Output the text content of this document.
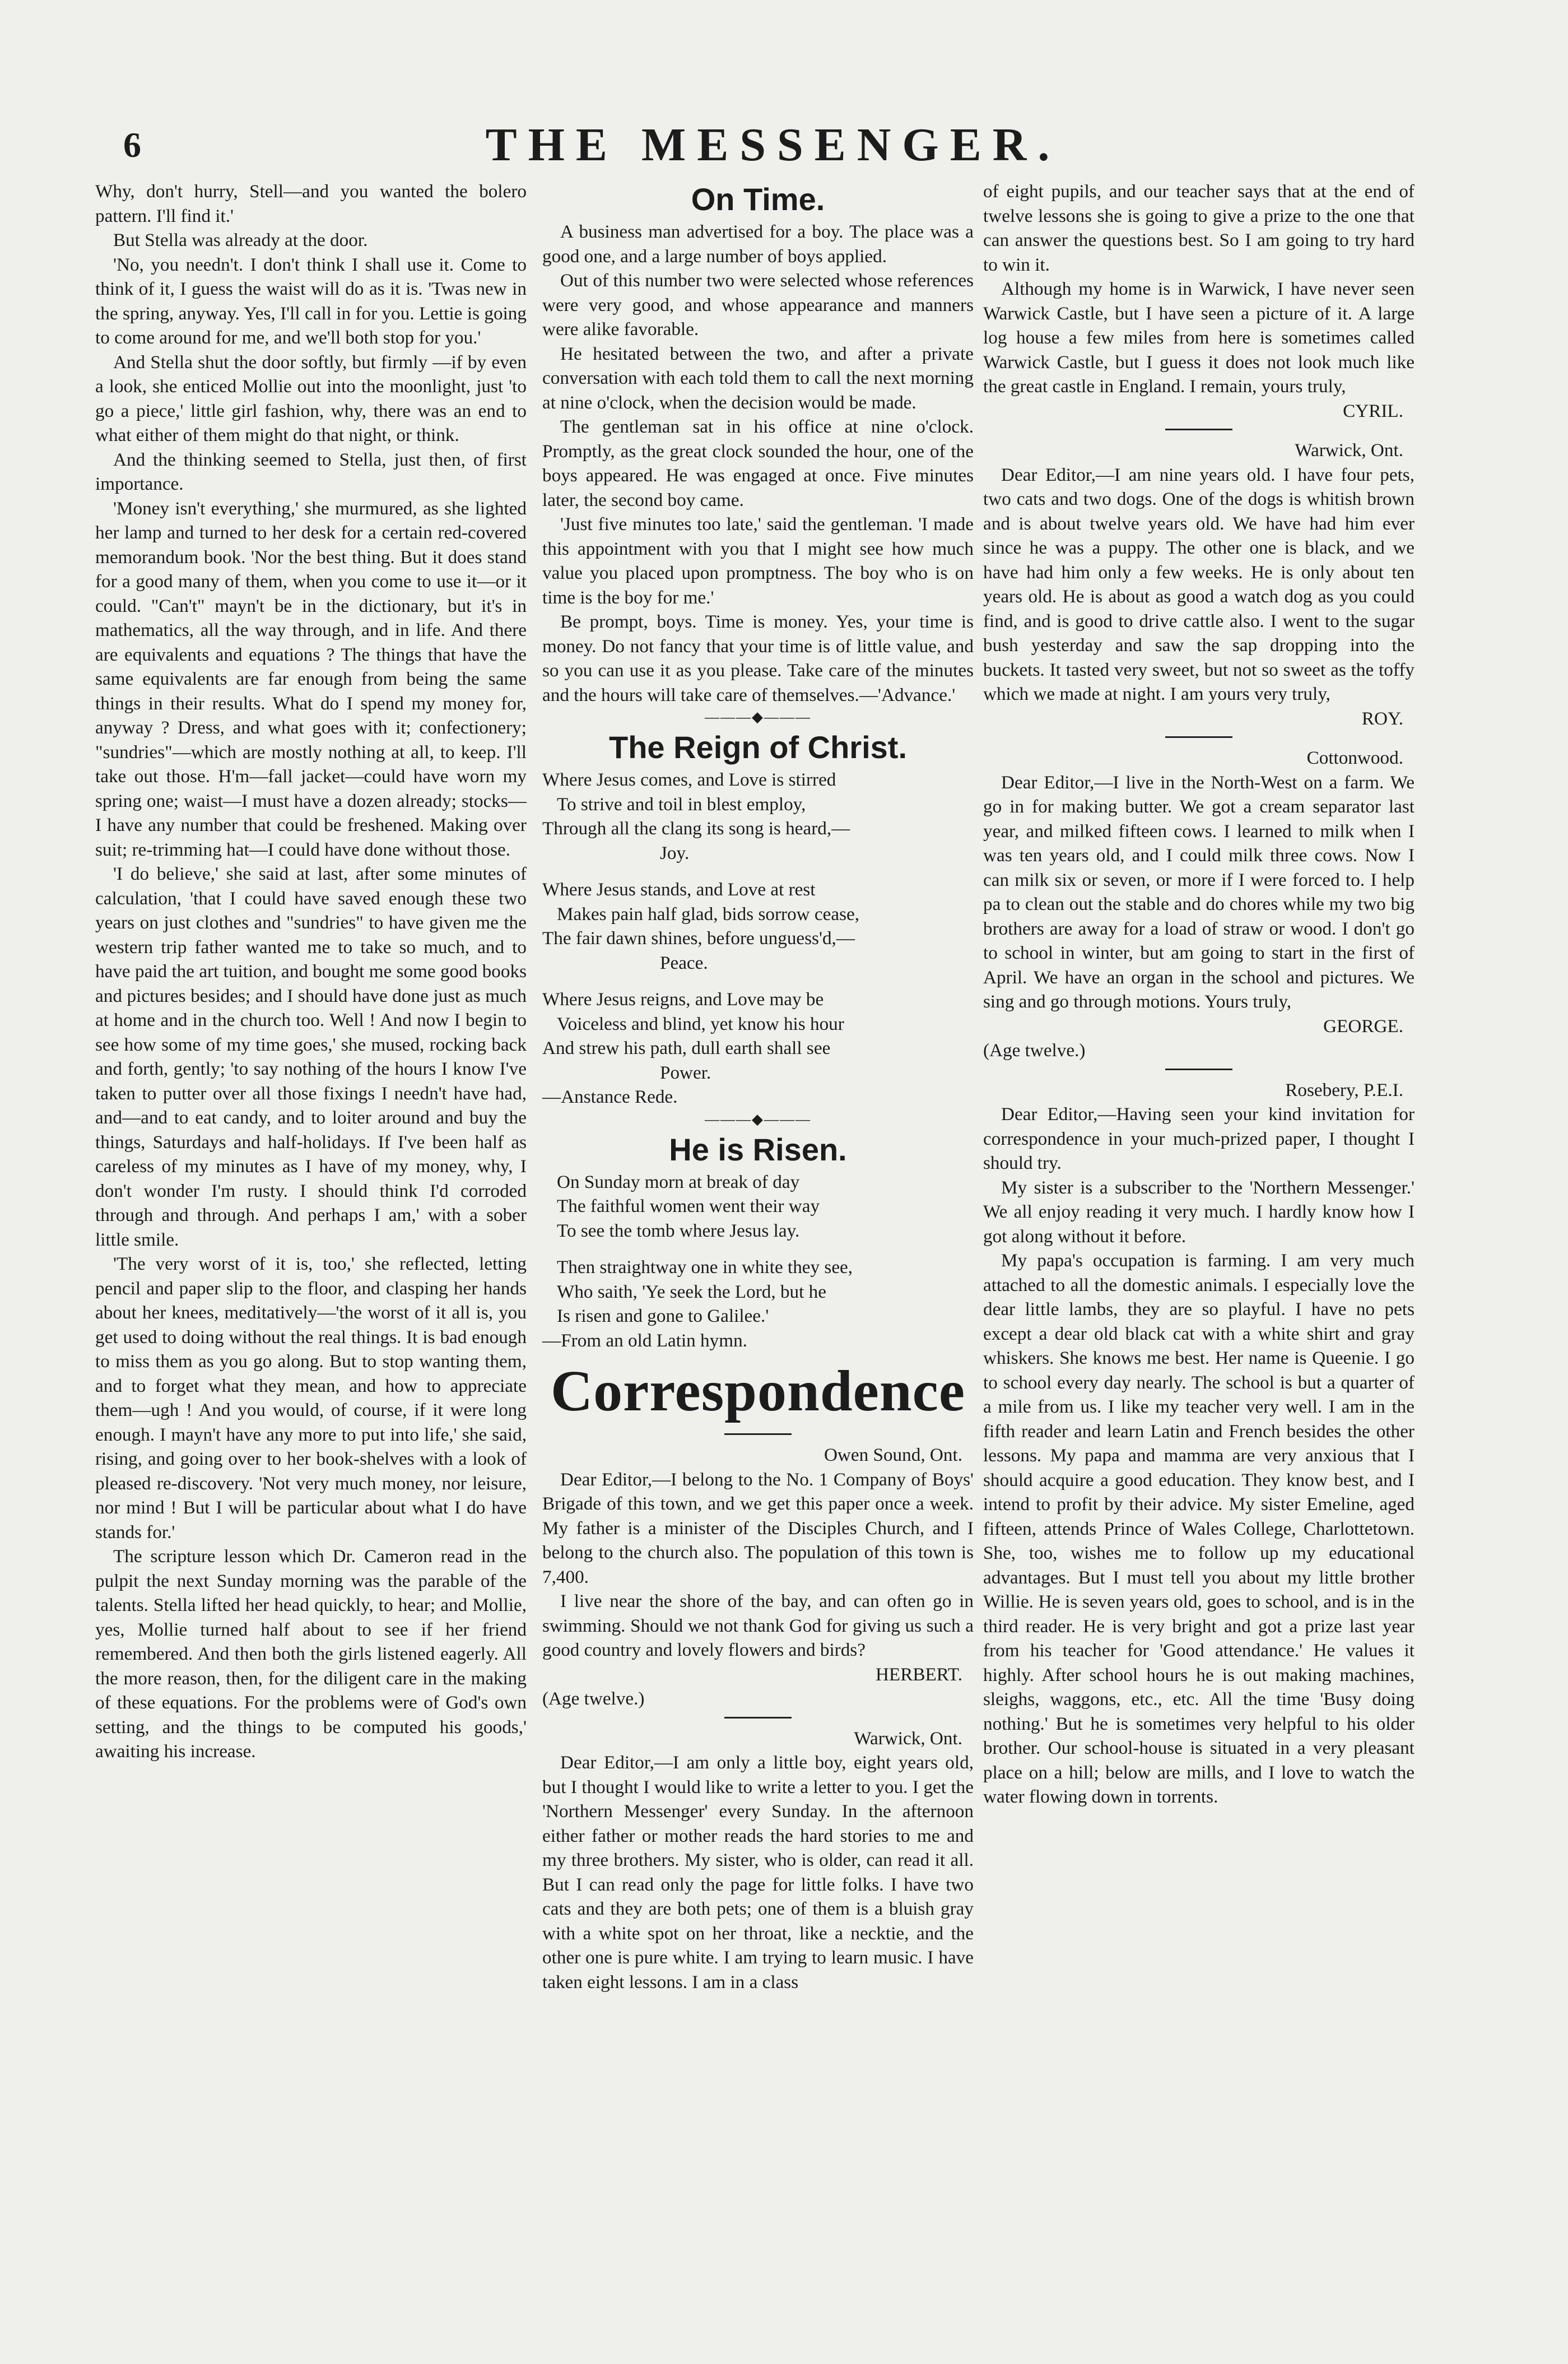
6	THE MESSENGER.

Why, don't hurry, Stell—and you wanted the bolero pattern. I'll find it.'

But Stella was already at the door.

'No, you needn't. I don't think I shall use it. Come to think of it, I guess the waist will do as it is. 'Twas new in the spring, anyway. Yes, I'll call in for you. Lettie is going to come around for me, and we'll both stop for you.'

And Stella shut the door softly, but firmly —if by even a look, she enticed Mollie out into the moonlight, just 'to go a piece,' little girl fashion, why, there was an end to what either of them might do that night, or think.

And the thinking seemed to Stella, just then, of first importance.

'Money isn't everything,' she murmured, as she lighted her lamp and turned to her desk for a certain red-covered memorandum book. 'Nor the best thing. But it does stand for a good many of them, when you come to use it—or it could. "Can't" mayn't be in the dictionary, but it's in mathematics, all the way through, and in life. And there are equivalents and equations ? The things that have the same equivalents are far enough from being the same things in their results. What do I spend my money for, anyway ? Dress, and what goes with it; confectionery; "sundries"—which are mostly nothing at all, to keep. I'll take out those. H'm—fall jacket—could have worn my spring one; waist—I must have a dozen already; stocks—I have any number that could be freshened. Making over suit; re-trimming hat—I could have done without those.

'I do believe,' she said at last, after some minutes of calculation, 'that I could have saved enough these two years on just clothes and "sundries" to have given me the western trip father wanted me to take so much, and to have paid the art tuition, and bought me some good books and pictures besides; and I should have done just as much at home and in the church too. Well ! And now I begin to see how some of my time goes,' she mused, rocking back and forth, gently; 'to say nothing of the hours I know I've taken to putter over all those fixings I needn't have had, and—and to eat candy, and to loiter around and buy the things, Saturdays and half-holidays. If I've been half as careless of my minutes as I have of my money, why, I don't wonder I'm rusty. I should think I'd corroded through and through. And perhaps I am,' with a sober little smile.

'The very worst of it is, too,' she reflected, letting pencil and paper slip to the floor, and clasping her hands about her knees, meditatively—'the worst of it all is, you get used to doing without the real things. It is bad enough to miss them as you go along. But to stop wanting them, and to forget what they mean, and how to appreciate them—ugh ! And you would, of course, if it were long enough. I mayn't have any more to put into life,' she said, rising, and going over to her book-shelves with a look of pleased re-discovery. 'Not very much money, nor leisure, nor mind ! But I will be particular about what I do have stands for.'

The scripture lesson which Dr. Cameron read in the pulpit the next Sunday morning was the parable of the talents. Stella lifted her head quickly, to hear; and Mollie, yes, Mollie turned half about to see if her friend remembered. And then both the girls listened eagerly. All the more reason, then, for the diligent care in the making of these equations. For the problems were of God's own setting, and the things to be computed his goods,' awaiting his increase.

On Time.

A business man advertised for a boy. The place was a good one, and a large number of boys applied.

Out of this number two were selected whose references were very good, and whose appearance and manners were alike favorable.

He hesitated between the two, and after a private conversation with each told them to call the next morning at nine o'clock, when the decision would be made.

The gentleman sat in his office at nine o'clock. Promptly, as the great clock sounded the hour, one of the boys appeared. He was engaged at once. Five minutes later, the second boy came.

'Just five minutes too late,' said the gentleman. 'I made this appointment with you that I might see how much value you placed upon promptness. The boy who is on time is the boy for me.'

Be prompt, boys. Time is money. Yes, your time is money. Do not fancy that your time is of little value, and so you can use it as you please. Take care of the minutes and the hours will take care of themselves.—'Advance.'

———◆———
The Reign of Christ.

Where Jesus comes, and Love is stirred

To strive and toil in blest employ,

Through all the clang its song is heard,—

Joy.

Where Jesus stands, and Love at rest

Makes pain half glad, bids sorrow cease,

The fair dawn shines, before unguess'd,—

Peace.

Where Jesus reigns, and Love may be

Voiceless and blind, yet know his hour

And strew his path, dull earth shall see

Power.

—Anstance Rede.

———◆———
He is Risen.

On Sunday morn at break of day

The faithful women went their way

To see the tomb where Jesus lay.

Then straightway one in white they see,

Who saith, 'Ye seek the Lord, but he

Is risen and gone to Galilee.'

—From an old Latin hymn.

Correspondence

Owen Sound, Ont.

Dear Editor,—I belong to the No. 1 Company of Boys' Brigade of this town, and we get this paper once a week. My father is a minister of the Disciples Church, and I belong to the church also. The population of this town is 7,400.

I live near the shore of the bay, and can often go in swimming. Should we not thank God for giving us such a good country and lovely flowers and birds?

HERBERT.

(Age twelve.)

Warwick, Ont.

Dear Editor,—I am only a little boy, eight years old, but I thought I would like to write a letter to you. I get the 'Northern Messenger' every Sunday. In the afternoon either father or mother reads the hard stories to me and my three brothers. My sister, who is older, can read it all. But I can read only the page for little folks. I have two cats and they are both pets; one of them is a bluish gray with a white spot on her throat, like a necktie, and the other one is pure white. I am trying to learn music. I have taken eight lessons. I am in a class

of eight pupils, and our teacher says that at the end of twelve lessons she is going to give a prize to the one that can answer the questions best. So I am going to try hard to win it.

Although my home is in Warwick, I have never seen Warwick Castle, but I have seen a picture of it. A large log house a few miles from here is sometimes called Warwick Castle, but I guess it does not look much like the great castle in England. I remain, yours truly,

CYRIL.

Warwick, Ont.

Dear Editor,—I am nine years old. I have four pets, two cats and two dogs. One of the dogs is whitish brown and is about twelve years old. We have had him ever since he was a puppy. The other one is black, and we have had him only a few weeks. He is only about ten years old. He is about as good a watch dog as you could find, and is good to drive cattle also. I went to the sugar bush yesterday and saw the sap dropping into the buckets. It tasted very sweet, but not so sweet as the toffy which we made at night. I am yours very truly,

ROY.

Cottonwood.

Dear Editor,—I live in the North-West on a farm. We go in for making butter. We got a cream separator last year, and milked fifteen cows. I learned to milk when I was ten years old, and I could milk three cows. Now I can milk six or seven, or more if I were forced to. I help pa to clean out the stable and do chores while my two big brothers are away for a load of straw or wood. I don't go to school in winter, but am going to start in the first of April. We have an organ in the school and pictures. We sing and go through motions. Yours truly,

GEORGE.

(Age twelve.)

Rosebery, P.E.I.

Dear Editor,—Having seen your kind invitation for correspondence in your much-prized paper, I thought I should try.

My sister is a subscriber to the 'Northern Messenger.' We all enjoy reading it very much. I hardly know how I got along without it before.

My papa's occupation is farming. I am very much attached to all the domestic animals. I especially love the dear little lambs, they are so playful. I have no pets except a dear old black cat with a white shirt and gray whiskers. She knows me best. Her name is Queenie. I go to school every day nearly. The school is but a quarter of a mile from us. I like my teacher very well. I am in the fifth reader and learn Latin and French besides the other lessons. My papa and mamma are very anxious that I should acquire a good education. They know best, and I intend to profit by their advice. My sister Emeline, aged fifteen, attends Prince of Wales College, Charlottetown. She, too, wishes me to follow up my educational advantages. But I must tell you about my little brother Willie. He is seven years old, goes to school, and is in the third reader. He is very bright and got a prize last year from his teacher for 'Good attendance.' He values it highly. After school hours he is out making machines, sleighs, waggons, etc., etc. All the time 'Busy doing nothing.' But he is sometimes very helpful to his older brother. Our school-house is situated in a very pleasant place on a hill; below are mills, and I love to watch the water flowing down in torrents.
